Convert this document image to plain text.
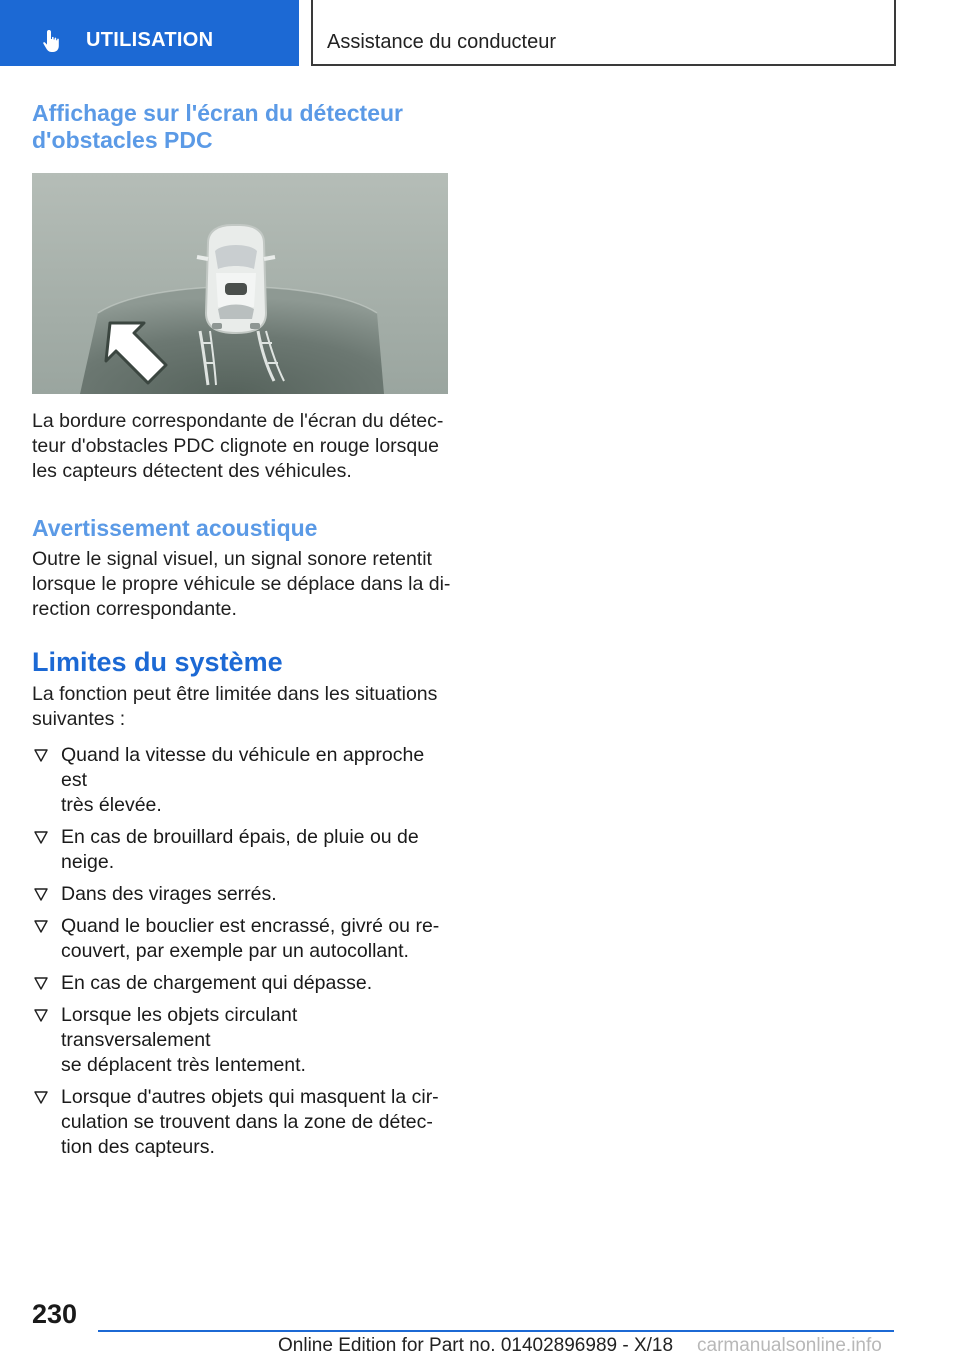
UTILISATION	Assistance du conducteur
Affichage sur l'écran du détecteur
d'obstacles PDC

La bordure correspondante de l'écran du détec-
teur d'obstacles PDC clignote en rouge lorsque
les capteurs détectent des véhicules.

Avertissement acoustique

Outre le signal visuel, un signal sonore retentit
lorsque le propre véhicule se déplace dans la di-
rection correspondante.

Limites du système

La fonction peut être limitée dans les situations
suivantes :

Quand la vitesse du véhicule en approche est
très élevée.
En cas de brouillard épais, de pluie ou de
neige.
Dans des virages serrés.
Quand le bouclier est encrassé, givré ou re-
couvert, par exemple par un autocollant.
En cas de chargement qui dépasse.
Lorsque les objets circulant transversalement
se déplacent très lentement.
Lorsque d'autres objets qui masquent la cir-
culation se trouvent dans la zone de détec-
tion des capteurs.
230
Online Edition for Part no. 01402896989 - X/18 carmanualsonline.info
